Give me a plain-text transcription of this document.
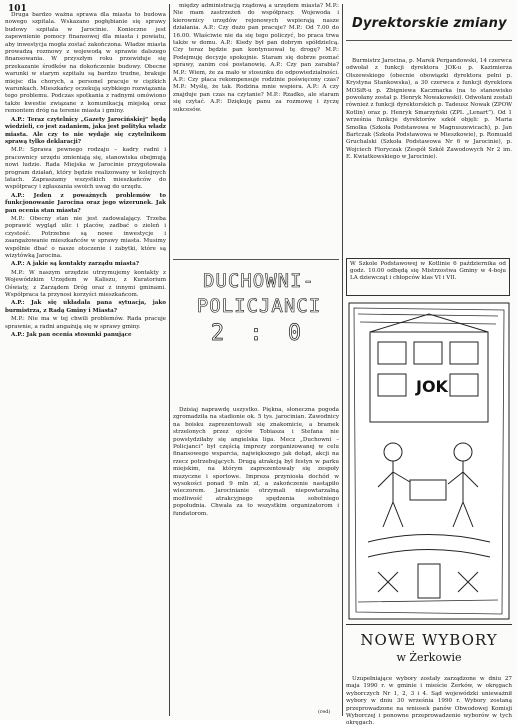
101

Druga bardzo ważna sprawa dla miasta to budowa nowego szpitala. Wskazano pogłębianie się sprawy budowy szpitala w Jarocinie. Konieczne jest zapewnienie pomocy finansowej dla miasta i powiatu, aby inwestycja mogła zostać zakończona. Władze miasta prowadzą rozmowy z wojewodą w sprawie dalszego finansowania. W przyszłym roku przewiduje się przekazanie środków na dokończenie budowy. Obecne warunki w starym szpitalu są bardzo trudne, brakuje miejsc dla chorych, a personel pracuje w ciężkich warunkach. Mieszkańcy oczekują szybkiego rozwiązania tego problemu. Podczas spotkania z radnymi omówiono także kwestie związane z komunikacją miejską oraz remontem dróg na terenie miasta i gminy.

A.P.: Teraz czytelnicy „Gazety Jarocińskiej” będą wiedzieli, co jest zadaniem, jaka jest polityka władz miasta. Ale czy to nie wydaje się czytelnikom sprawą tylko deklaracji?

M.P.: Sprawa pewnego rodzaju – kadry radni i pracownicy urzędu zmieniają się, stanowiska obejmują nowi ludzie. Rada Miejska w Jarocinie przygotowała program działań, który będzie realizowany w kolejnych latach. Zapraszamy wszystkich mieszkańców do współpracy i zgłaszania swoich uwag do urzędu.

A.P.: Jeden z poważnych problemów to funkcjonowanie Jarocina oraz jego wizerunek. Jak pan ocenia stan miasta?

M.P.: Obecny stan nie jest zadowalający. Trzeba poprawić wygląd ulic i placów, zadbać o zieleń i czystość. Potrzebne są nowe inwestycje i zaangażowanie mieszkańców w sprawy miasta. Musimy wspólnie dbać o nasze otoczenie i zabytki, które są wizytówką Jarocina.

A.P.: A jakie są kontakty zarządu miasta?

M.P.: W naszym urzędzie utrzymujemy kontakty z Wojewódzkim Urzędem w Kaliszu, z Kuratorium Oświaty, z Zarządem Dróg oraz z innymi gminami. Współpraca ta przynosi korzyści mieszkańcom.

A.P.: Jak się układała pana sytuacja, jako burmistrza, z Radą Gminy i Miasta?

M.P.: Nie ma w tej chwili problemów. Rada pracuje sprawnie, a radni angażują się w sprawy gminy.

A.P.: Jak pan ocenia stosunki panujące

między administracją rządową a urzędem miasta? M.P.: Nie mam zastrzeżeń do współpracy. Wojewoda i kierownicy urzędów rejonowych wspierają nasze działania. A.P.: Czy dużo pan pracuje? M.P.: Od 7.00 do 16.00. Właściwie nie da się tego policzyć, bo praca trwa także w domu. A.P.: Kiedy był pan dobrym spółdzielcą. Czy teraz będzie pan kontynuował tę drogę? M.P.: Podejmuję decyzje spokojnie. Staram się dobrze poznać sprawy, zanim coś postanowię. A.P.: Czy pan zarabia? M.P.: Wiem, że za mało w stosunku do odpowiedzialności. A.P.: Czy płaca rekompensuje rodzinie poświęcony czas? M.P.: Myślę, że tak. Rodzina mnie wspiera. A.P.: A czy znajduje pan czas na czytanie? M.P.: Rzadko, ale staram się czytać. A.P.: Dziękuję panu za rozmowę i życzę sukcesów.

DUCHOWNI-
POLICJANCI
2 : 0

Dzisiaj naprawdę uszystko. Piękna, słoneczna pogoda zgromadziła na stadionie ok. 5 tys. jarocinian. Zawodnicy na boisku zaprezentowali się znakomicie, a bramek strzelonych przez ojców Tobiasza i Stefana nie powstydziłaby się angielska liga. Mecz „Duchowni – Policjanci” był częścią imprezy zorganizowanej w celu finansowego wsparcia, największego jak dotąd, akcji na rzecz potrzebujących. Drugą atrakcją był festyn w parku miejskim, na którym zaprezentowały się zespoły muzyczne i sportowe. Impreza przyniosła dochód w wysokości ponad 9 mln zł, a zakończenie nastąpiło wieczorem. Jarocinianie otrzymali niepowtarzalną możliwość atrakcyjnego spędzenia sobotniego popołudnia. Chwała za to wszystkim organizatorom i fundatorom.

Dyrektorskie zmiany

Burmistrz Jarocina, p. Marek Pergandowski, 14 czerwca odwołał z funkcji dyrektora JOK-u p. Kazimierza Olszewskiego (obecnie obowiązki dyrektora pełni p. Krystyna Stankowska), a 30 czerwca z funkcji dyrektora MOSiR-u p. Zbigniewa Kaczmarka (na to stanowisko powołany został p. Henryk Nowakowski). Odwołani zostali również z funkcji dyrektorskich p. Tadeusz Nowak (ZPOW Kotlin) oraz p. Henryk Smarzyński (ZPL „Lenart”). Od 1 września funkcje dyrektorów szkół objęli: p. Maria Smolka (Szkoła Podstawowa w Magnuszewicach), p. Jan Bartczak (Szkoła Podstawowa w Mieszkowie), p. Romuald Gruchalski (Szkoła Podstawowa Nr 6 w Jarocinie), p. Wojciech Floryczak (Zespół Szkół Zawodowych Nr 2 im. E. Kwiatkowskiego w Jarocinie).

W Szkole Podstawowej w Kotlinie 6 października od godz. 10.00 odbędą się Mistrzostwa Gminy w 4-boju LA dziewcząt i chłopców klas VI i VII.
JOK
NOWE WYBORY
w Żerkowie

Uzupełniające wybory zostały zarządzone w dniu 27 maja 1990 r. w gminie i mieście Żerków, w okręgach wyborczych Nr 1, 2, 3 i 4. Sąd wojewódzki unieważnił wybory w dniu 30 września 1990 r. Wybory zostaną przeprowadzone na wniosek panów Obwodowej Komisji Wyborczej i ponowne przeprowadzenie wyborów w tych okręgach.

(red)
